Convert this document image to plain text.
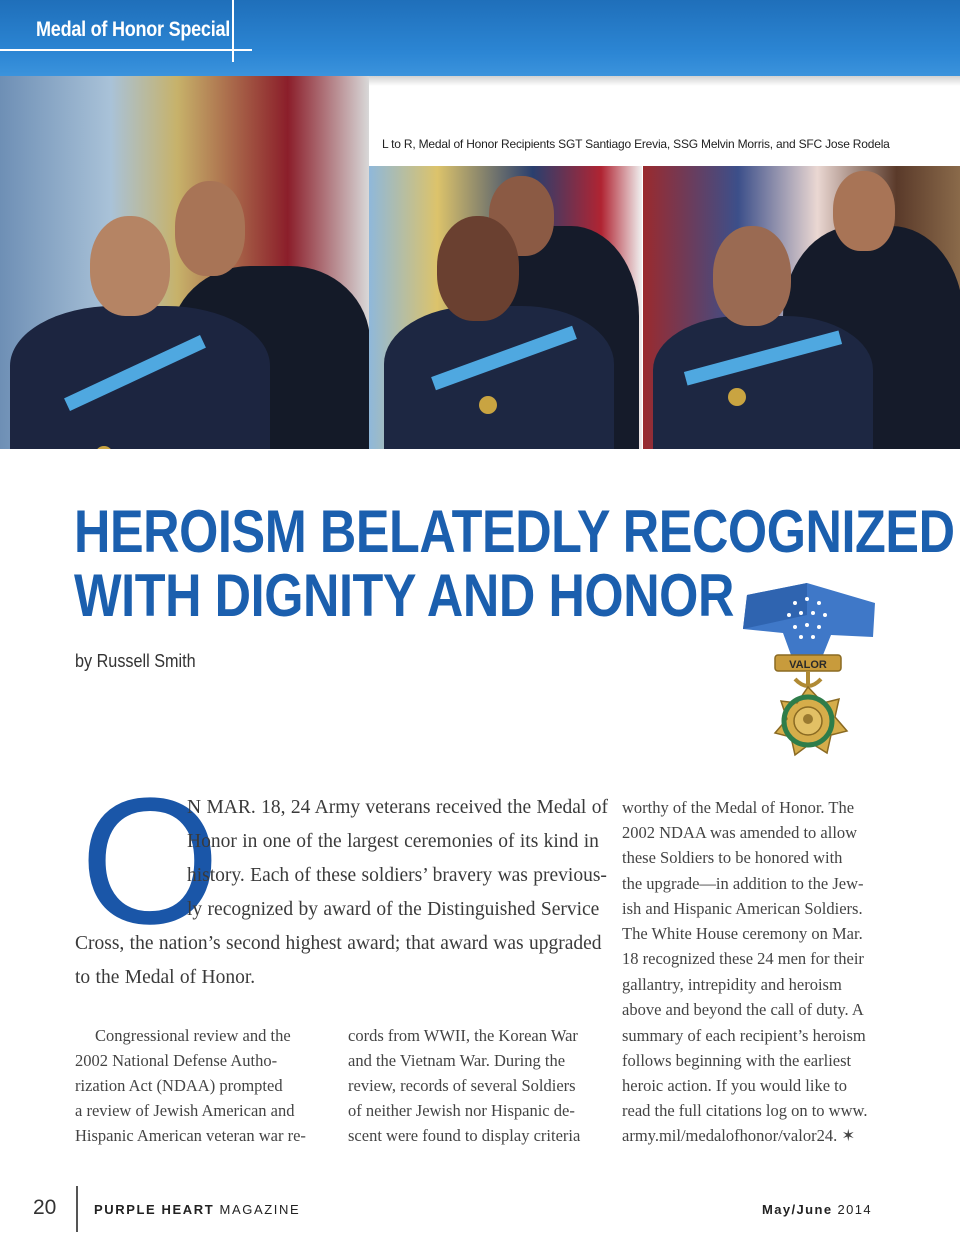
Medal of Honor Special
L to R, Medal of Honor Recipients SGT Santiago Erevia, SSG Melvin Morris, and SFC Jose Rodela
HEROISM BELATEDLY RECOGNIZED
WITH DIGNITY AND HONOR
by Russell Smith	VALOR
O
N MAR. 18, 24 Army veterans received the Medal of
Honor in one of the largest ceremonies of its kind in
history. Each of these soldiers’ bravery was previous-
ly recognized by award of the Distinguished Service
Cross, the nation’s second highest award; that award was upgraded
to the Medal of Honor.
Congressional review and the
2002 National Defense Autho-
rization Act (NDAA) prompted
a review of Jewish American and
Hispanic American veteran war re-
cords from WWII, the Korean War
and the Vietnam War. During the
review, records of several Soldiers
of neither Jewish nor Hispanic de-
scent were found to display criteria
worthy of the Medal of Honor. The
2002 NDAA was amended to allow
these Soldiers to be honored with
the upgrade—in addition to the Jew-
ish and Hispanic American Soldiers.
The White House ceremony on Mar.
18 recognized these 24 men for their
gallantry, intrepidity and heroism
above and beyond the call of duty. A
summary of each recipient’s heroism
follows beginning with the earliest
heroic action. If you would like to
read the full citations log on to www.
army.mil/medalofhonor/valor24. ✶
20	PURPLE HEART MAGAZINE	May/June 2014
